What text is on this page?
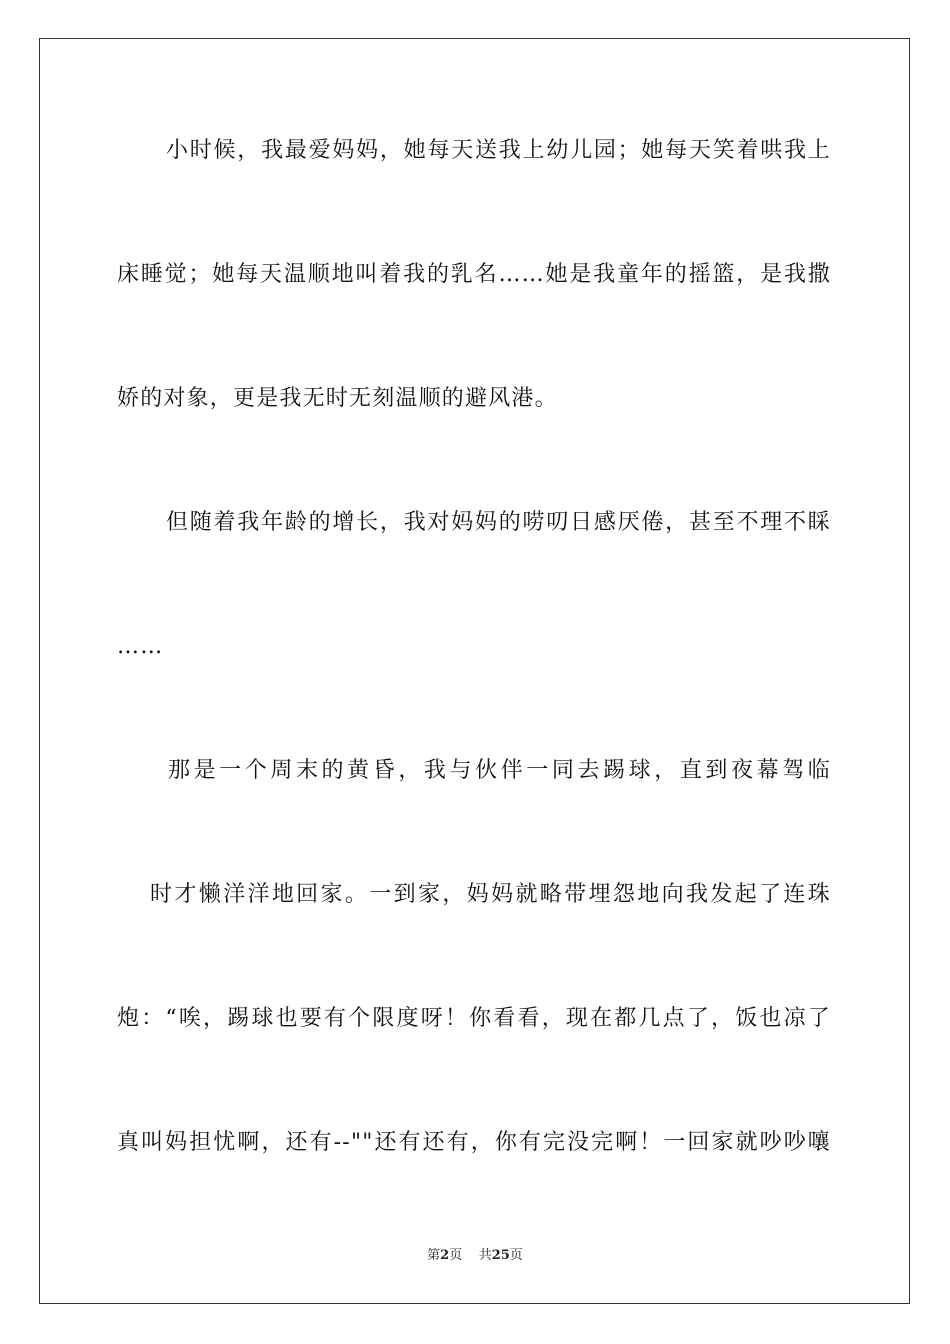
小时候，我最爱妈妈，她每天送我上幼儿园；她每天笑着哄我上
床睡觉；她每天温顺地叫着我的乳名……她是我童年的摇篮，是我撒
娇的对象，更是我无时无刻温顺的避风港。
但随着我年龄的增长，我对妈妈的唠叨日感厌倦，甚至不理不睬
……
那是一个周末的黄昏，我与伙伴一同去踢球，直到夜幕驾临
时才懒洋洋地回家。一到家，妈妈就略带埋怨地向我发起了连珠
炮：“唉，踢球也要有个限度呀！你看看，现在都几点了，饭也凉了
真叫妈担忧啊，还有--""还有还有，你有完没完啊！一回家就吵吵嚷
第2页 共25页
